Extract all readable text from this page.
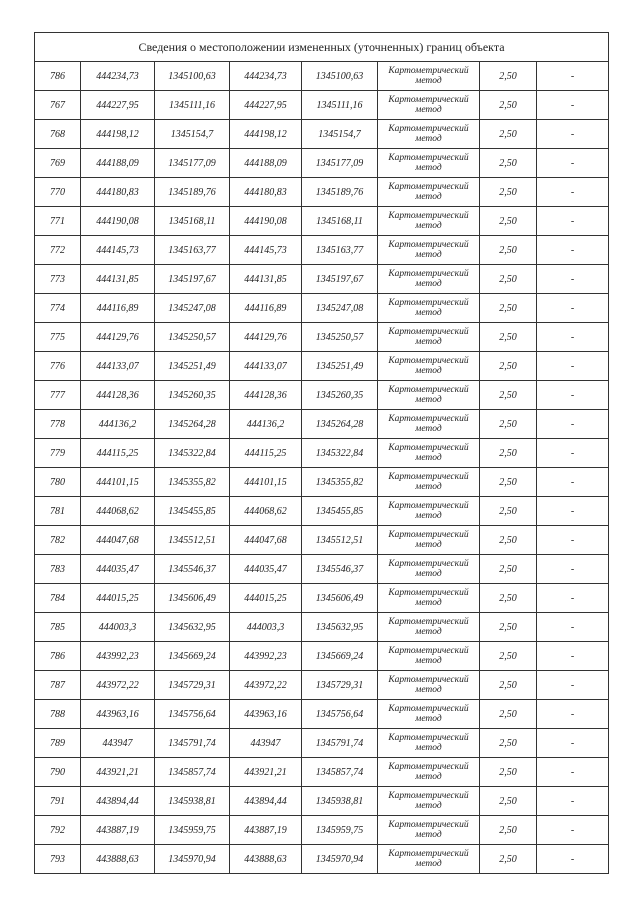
Сведения о местоположении измененных (уточненных) границ объекта							
786	444234,73	1345100,63	444234,73	1345100,63	Картометрический метод	2,50	-
767	444227,95	1345111,16	444227,95	1345111,16	Картометрический метод	2,50	-
768	444198,12	1345154,7	444198,12	1345154,7	Картометрический метод	2,50	-
769	444188,09	1345177,09	444188,09	1345177,09	Картометрический метод	2,50	-
770	444180,83	1345189,76	444180,83	1345189,76	Картометрический метод	2,50	-
771	444190,08	1345168,11	444190,08	1345168,11	Картометрический метод	2,50	-
772	444145,73	1345163,77	444145,73	1345163,77	Картометрический метод	2,50	-
773	444131,85	1345197,67	444131,85	1345197,67	Картометрический метод	2,50	-
774	444116,89	1345247,08	444116,89	1345247,08	Картометрический метод	2,50	-
775	444129,76	1345250,57	444129,76	1345250,57	Картометрический метод	2,50	-
776	444133,07	1345251,49	444133,07	1345251,49	Картометрический метод	2,50	-
777	444128,36	1345260,35	444128,36	1345260,35	Картометрический метод	2,50	-
778	444136,2	1345264,28	444136,2	1345264,28	Картометрический метод	2,50	-
779	444115,25	1345322,84	444115,25	1345322,84	Картометрический метод	2,50	-
780	444101,15	1345355,82	444101,15	1345355,82	Картометрический метод	2,50	-
781	444068,62	1345455,85	444068,62	1345455,85	Картометрический метод	2,50	-
782	444047,68	1345512,51	444047,68	1345512,51	Картометрический метод	2,50	-
783	444035,47	1345546,37	444035,47	1345546,37	Картометрический метод	2,50	-
784	444015,25	1345606,49	444015,25	1345606,49	Картометрический метод	2,50	-
785	444003,3	1345632,95	444003,3	1345632,95	Картометрический метод	2,50	-
786	443992,23	1345669,24	443992,23	1345669,24	Картометрический метод	2,50	-
787	443972,22	1345729,31	443972,22	1345729,31	Картометрический метод	2,50	-
788	443963,16	1345756,64	443963,16	1345756,64	Картометрический метод	2,50	-
789	443947	1345791,74	443947	1345791,74	Картометрический метод	2,50	-
790	443921,21	1345857,74	443921,21	1345857,74	Картометрический метод	2,50	-
791	443894,44	1345938,81	443894,44	1345938,81	Картометрический метод	2,50	-
792	443887,19	1345959,75	443887,19	1345959,75	Картометрический метод	2,50	-
793	443888,63	1345970,94	443888,63	1345970,94	Картометрический метод	2,50	-
